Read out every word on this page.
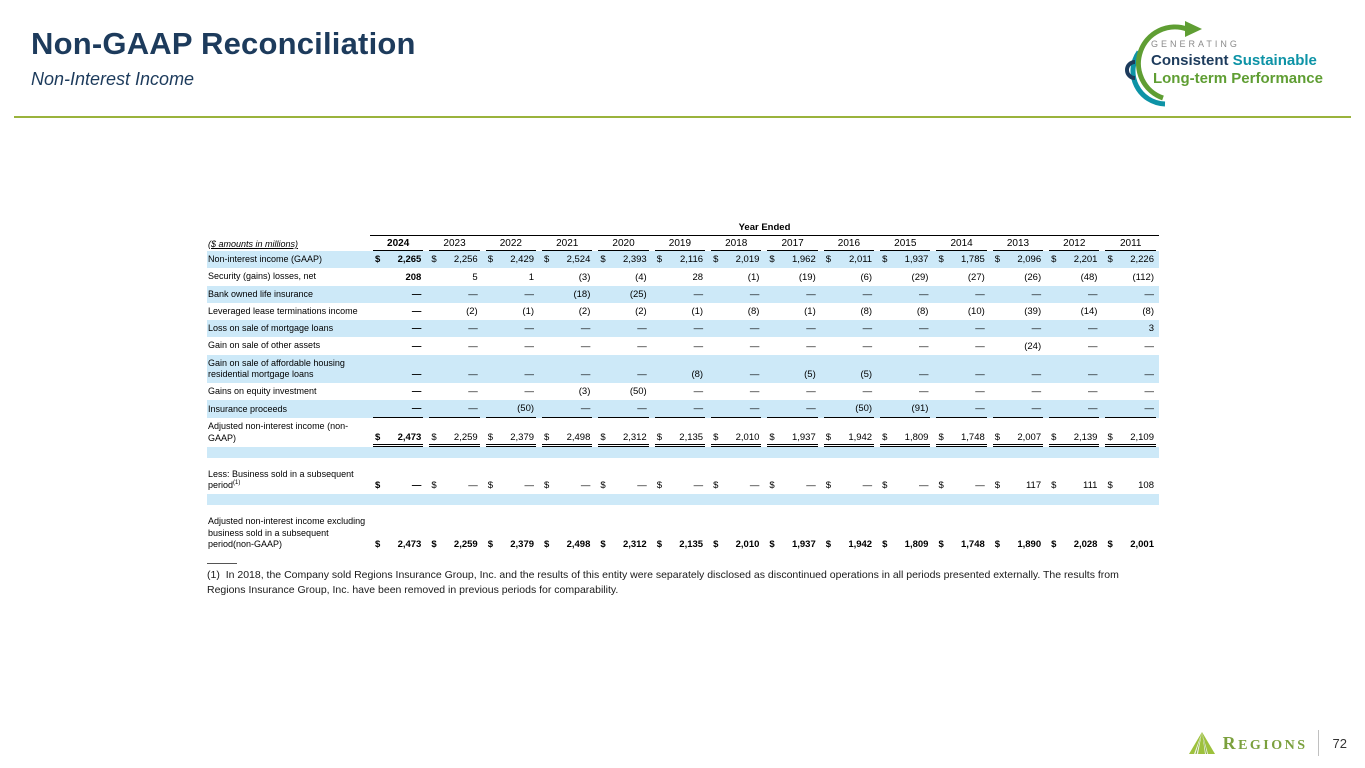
Non-GAAP Reconciliation
Non-Interest Income
GENERATING
Consistent Sustainable
Long-term Performance
	Year Ended													
($ amounts in millions)	2024	2023	2022	2021	2020	2019	2018	2017	2016	2015	2014	2013	2012	2011

Non-interest income (GAAP)	$ 2,265	$ 2,256	$ 2,429	$ 2,524	$ 2,393	$ 2,116	$ 2,019	$ 1,962	$ 2,011	$ 1,937	$ 1,785	$ 2,096	$ 2,201	$ 2,226

Security (gains) losses, net	208	5	1	(3)	(4)	28	(1)	(19)	(6)	(29)	(27)	(26)	(48)	(112)

Bank owned life insurance	—	—	—	(18)	(25)	—	—	—	—	—	—	—	—	—

Leveraged lease terminations income	—	(2)	(1)	(2)	(2)	(1)	(8)	(1)	(8)	(8)	(10)	(39)	(14)	(8)

Loss on sale of mortgage loans	—	—	—	—	—	—	—	—	—	—	—	—	—	3

Gain on sale of other assets	—	—	—	—	—	—	—	—	—	—	—	(24)	—	—

Gain on sale of affordable housing residential mortgage loans	—	—	—	—	—	(8)	—	(5)	(5)	—	—	—	—	—

Gains on equity investment	—	—	—	(3)	(50)	—	—	—	—	—	—	—	—	—

Insurance proceeds	—	—	(50)	—	—	—	—	—	(50)	(91)	—	—	—	—

Adjusted non-interest income (non-GAAP)	$ 2,473	$ 2,259	$ 2,379	$ 2,498	$ 2,312	$ 2,135	$ 2,010	$ 1,937	$ 1,942	$ 1,809	$ 1,748	$ 2,007	$ 2,139	$ 2,109

Less: Business sold in a subsequent period$^{(1)}$	$ —	$ —	$ —	$ —	$ —	$ —	$ —	$ —	$ —	$ —	$ —	$ 117	$ 111	$ 108

Adjusted non-interest income excluding business sold in a subsequent period(non-GAAP)	$ 2,473	$ 2,259	$ 2,379	$ 2,498	$ 2,312	$ 2,135	$ 2,010	$ 1,937	$ 1,942	$ 1,809	$ 1,748	$ 1,890	$ 2,028	$ 2,001
(1) In 2018, the Company sold Regions Insurance Group, Inc. and the results of this entity were separately disclosed as discontinued operations in all periods presented externally. The results from Regions Insurance Group, Inc. have been removed in previous periods for comparability.
REGIONS 72
